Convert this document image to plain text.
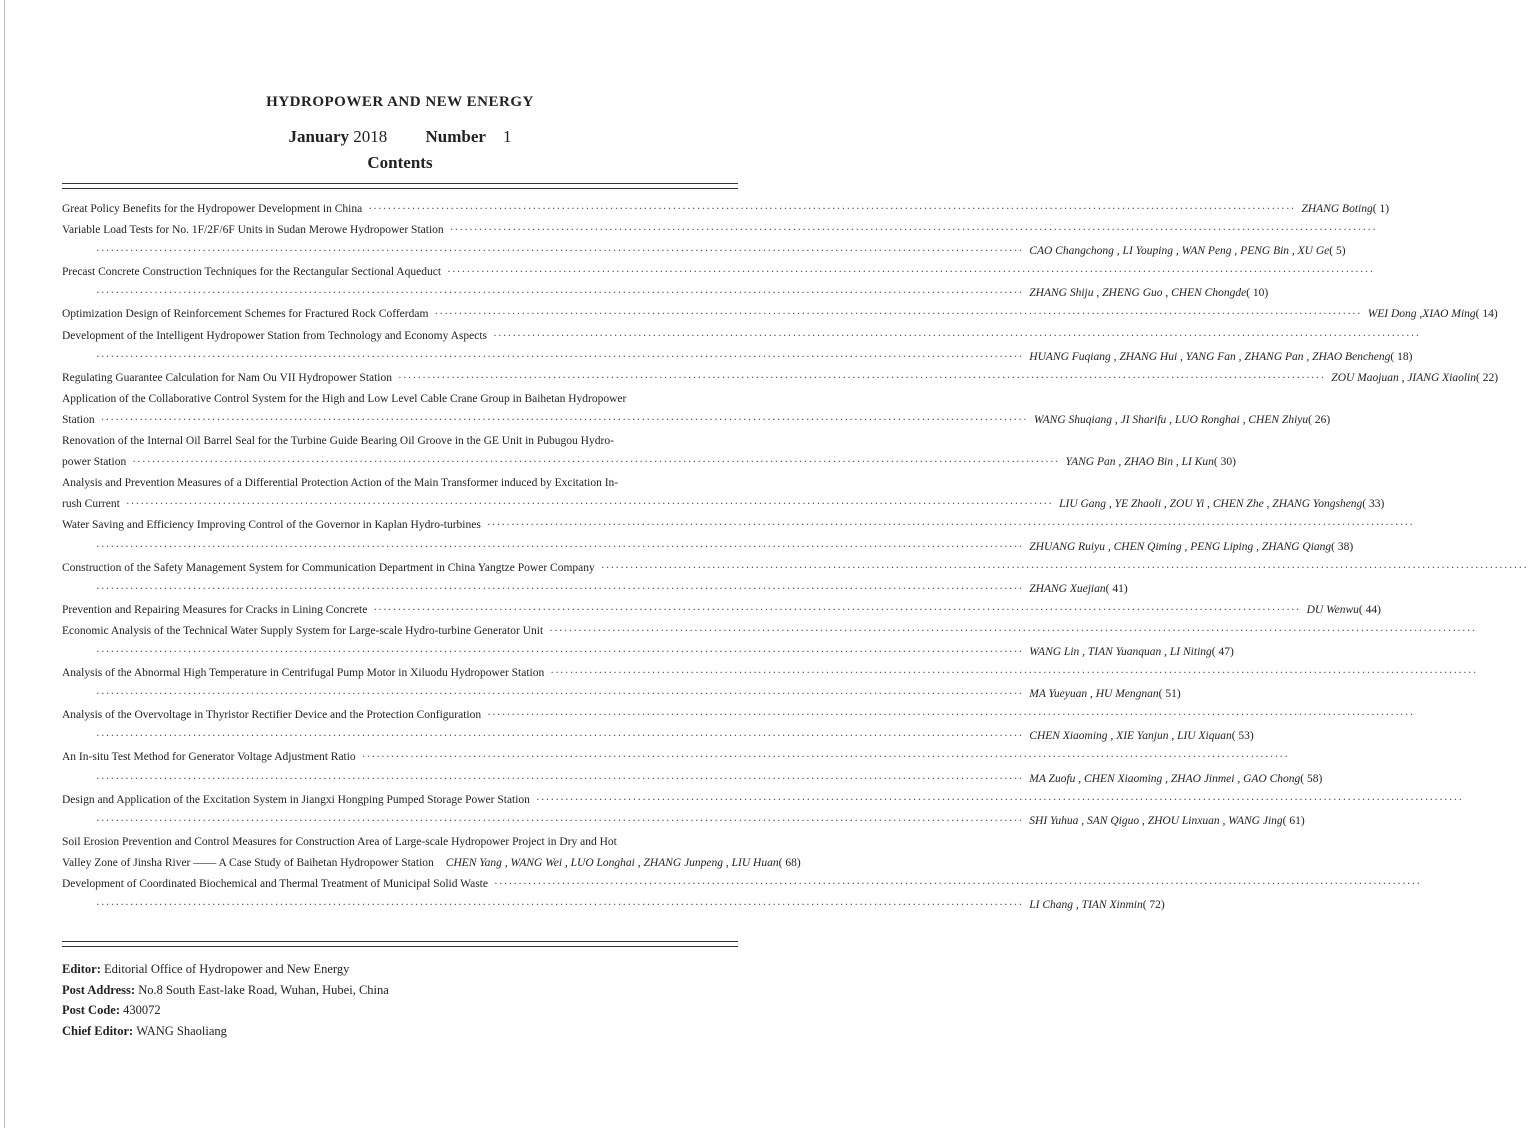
HYDROPOWER AND NEW ENERGY
January 2018 Number 1
Contents
Great Policy Benefits for the Hydropower Development in China ·····	ZHANG Boting ( 1)
Variable Load Tests for No. 1F/2F/6F Units in Sudan Merowe Hydropower Station
·····
·····
CAO Changchong , LI Youping , WAN Peng , PENG Bin , XU Ge ( 5)
Precast Concrete Construction Techniques for the Rectangular Sectional Aqueduct
·····
·····
ZHANG Shiju , ZHENG Guo , CHEN Chongde ( 10)
Optimization Design of Reinforcement Schemes for Fractured Rock Cofferdam ·····	WEI Dong ,XIAO Ming ( 14)
Development of the Intelligent Hydropower Station from Technology and Economy Aspects
·····
·····
HUANG Fuqiang , ZHANG Hui , YANG Fan , ZHANG Pan , ZHAO Bencheng ( 18)
Regulating Guarantee Calculation for Nam Ou VII Hydropower Station ·····	ZOU Maojuan , JIANG Xiaolin ( 22)
Application of the Collaborative Control System for the High and Low Level Cable Crane Group in Baihetan Hydropower
Station ·····	WANG Shuqiang , JI Sharifu , LUO Ronghai , CHEN Zhiyu ( 26)
Renovation of the Internal Oil Barrel Seal for the Turbine Guide Bearing Oil Groove in the GE Unit in Pubugou Hydro-
power Station ·····	YANG Pan , ZHAO Bin , LI Kun ( 30)
Analysis and Prevention Measures of a Differential Protection Action of the Main Transformer induced by Excitation In-
rush Current ·····	LIU Gang , YE Zhaoli , ZOU Yi , CHEN Zhe , ZHANG Yongsheng ( 33)
Water Saving and Efficiency Improving Control of the Governor in Kaplan Hydro-turbines
·····
·····
ZHUANG Ruiyu , CHEN Qiming , PENG Liping , ZHANG Qiang ( 38)
Construction of the Safety Management System for Communication Department in China Yangtze Power Company
·····
·····
ZHANG Xuejian ( 41)
Prevention and Repairing Measures for Cracks in Lining Concrete ·····	DU Wenwu ( 44)
Economic Analysis of the Technical Water Supply System for Large-scale Hydro-turbine Generator Unit
·····
·····
WANG Lin , TIAN Yuanquan , LI Niting ( 47)
Analysis of the Abnormal High Temperature in Centrifugal Pump Motor in Xiluodu Hydropower Station
·····
·····
MA Yueyuan , HU Mengnan ( 51)
Analysis of the Overvoltage in Thyristor Rectifier Device and the Protection Configuration
·····
·····
CHEN Xiaoming , XIE Yanjun , LIU Xiquan ( 53)
An In-situ Test Method for Generator Voltage Adjustment Ratio
·····
·····
MA Zuofu , CHEN Xiaoming , ZHAO Jinmei , GAO Chong ( 58)
Design and Application of the Excitation System in Jiangxi Hongping Pumped Storage Power Station
·····
·····
SHI Yuhua , SAN Qiguo , ZHOU Linxuan , WANG Jing ( 61)
Soil Erosion Prevention and Control Measures for Construction Area of Large-scale Hydropower Project in Dry and Hot
Valley Zone of Jinsha River —— A Case Study of Baihetan Hydropower Station CHEN Yang , WANG Wei , LUO Longhai , ZHANG Junpeng , LIU Huan ( 68)
Development of Coordinated Biochemical and Thermal Treatment of Municipal Solid Waste
·····
·····
LI Chang , TIAN Xinmin ( 72)
Editor: Editorial Office of Hydropower and New Energy
Post Address: No.8 South East-lake Road, Wuhan, Hubei, China
Post Code: 430072
Chief Editor: WANG Shaoliang
